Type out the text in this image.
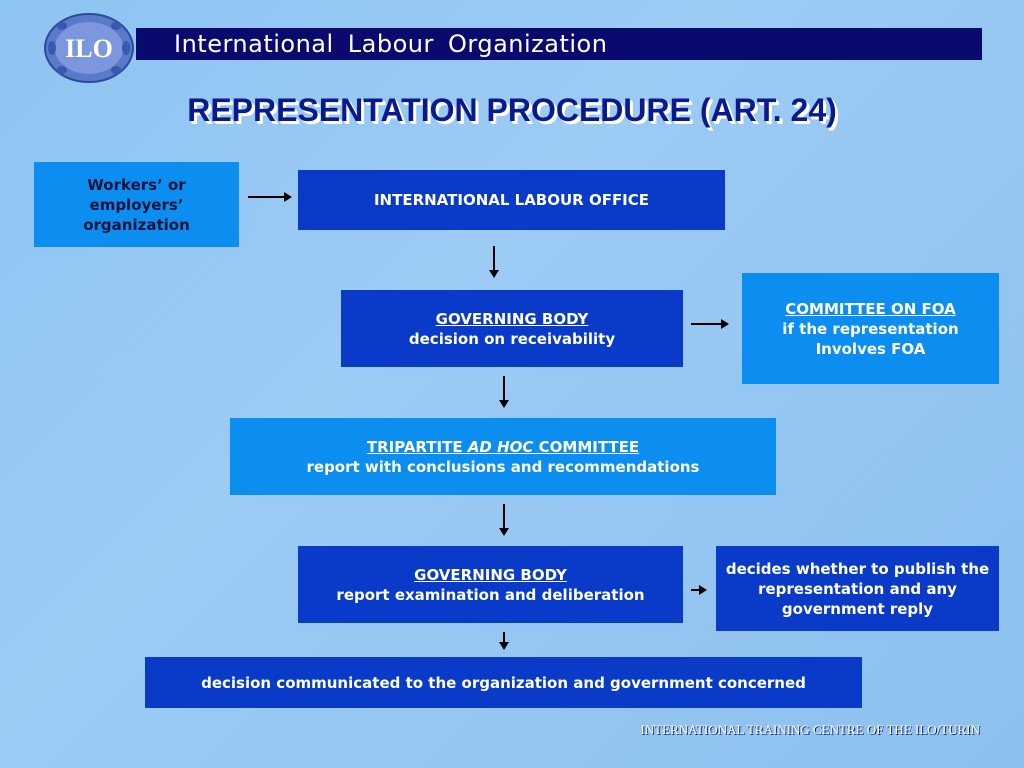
ILO	International Labour Organization
REPRESENTATION PROCEDURE (ART. 24)
Workers’ or employers’ organization
INTERNATIONAL LABOUR OFFICE
GOVERNING BODY
decision on receivability
COMMITTEE ON FOA
if the representation
Involves FOA
TRIPARTITE AD HOC COMMITTEE
report with conclusions and recommendations
GOVERNING BODY
report examination and deliberation
decides whether to publish the representation and any government reply
decision communicated to the organization and government concerned
INTERNATIONAL TRAINING CENTRE OF THE ILO/TURIN
